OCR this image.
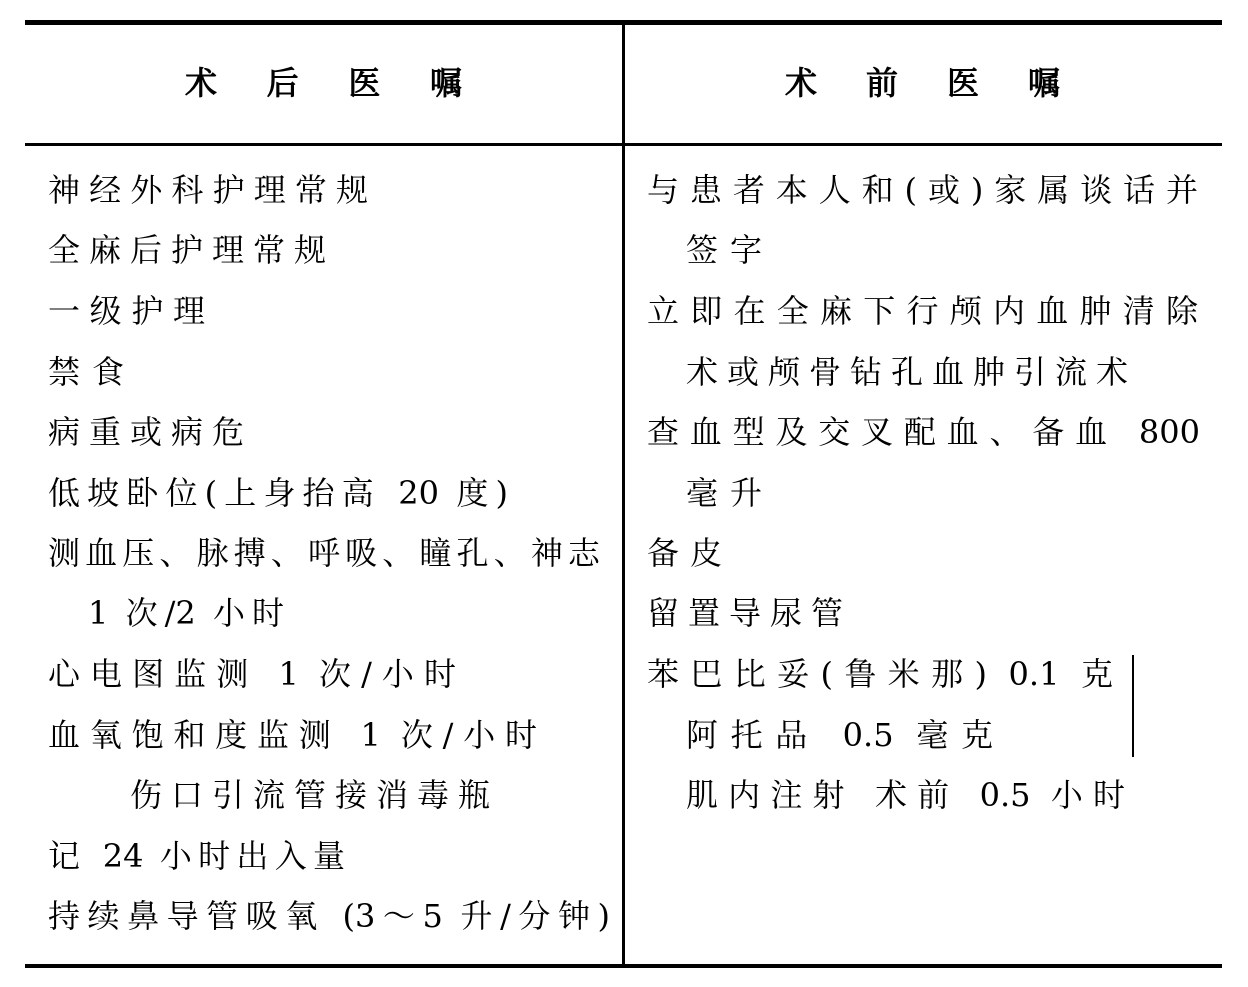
术 后 医 嘱	术 前 医 嘱
神经外科护理常规
全麻后护理常规
一级护理
禁食
病重或病危
低坡卧位(上身抬高 20 度)
测血压、脉搏、呼吸、瞳孔、神志
1 次/2 小时
心电图监测 1 次/小时
血氧饱和度监测 1 次/小时
伤口引流管接消毒瓶
记 24 小时出入量
持续鼻导管吸氧 (3～5 升/分钟)
与患者本人和(或)家属谈话并
签字
立即在全麻下行颅内血肿清除
术或颅骨钻孔血肿引流术
查血型及交叉配血、备血 800
毫升
备皮
留置导尿管
苯巴比妥(鲁米那) 0.1 克
阿托品 0.5 毫克
肌内注射 术前 0.5 小时
